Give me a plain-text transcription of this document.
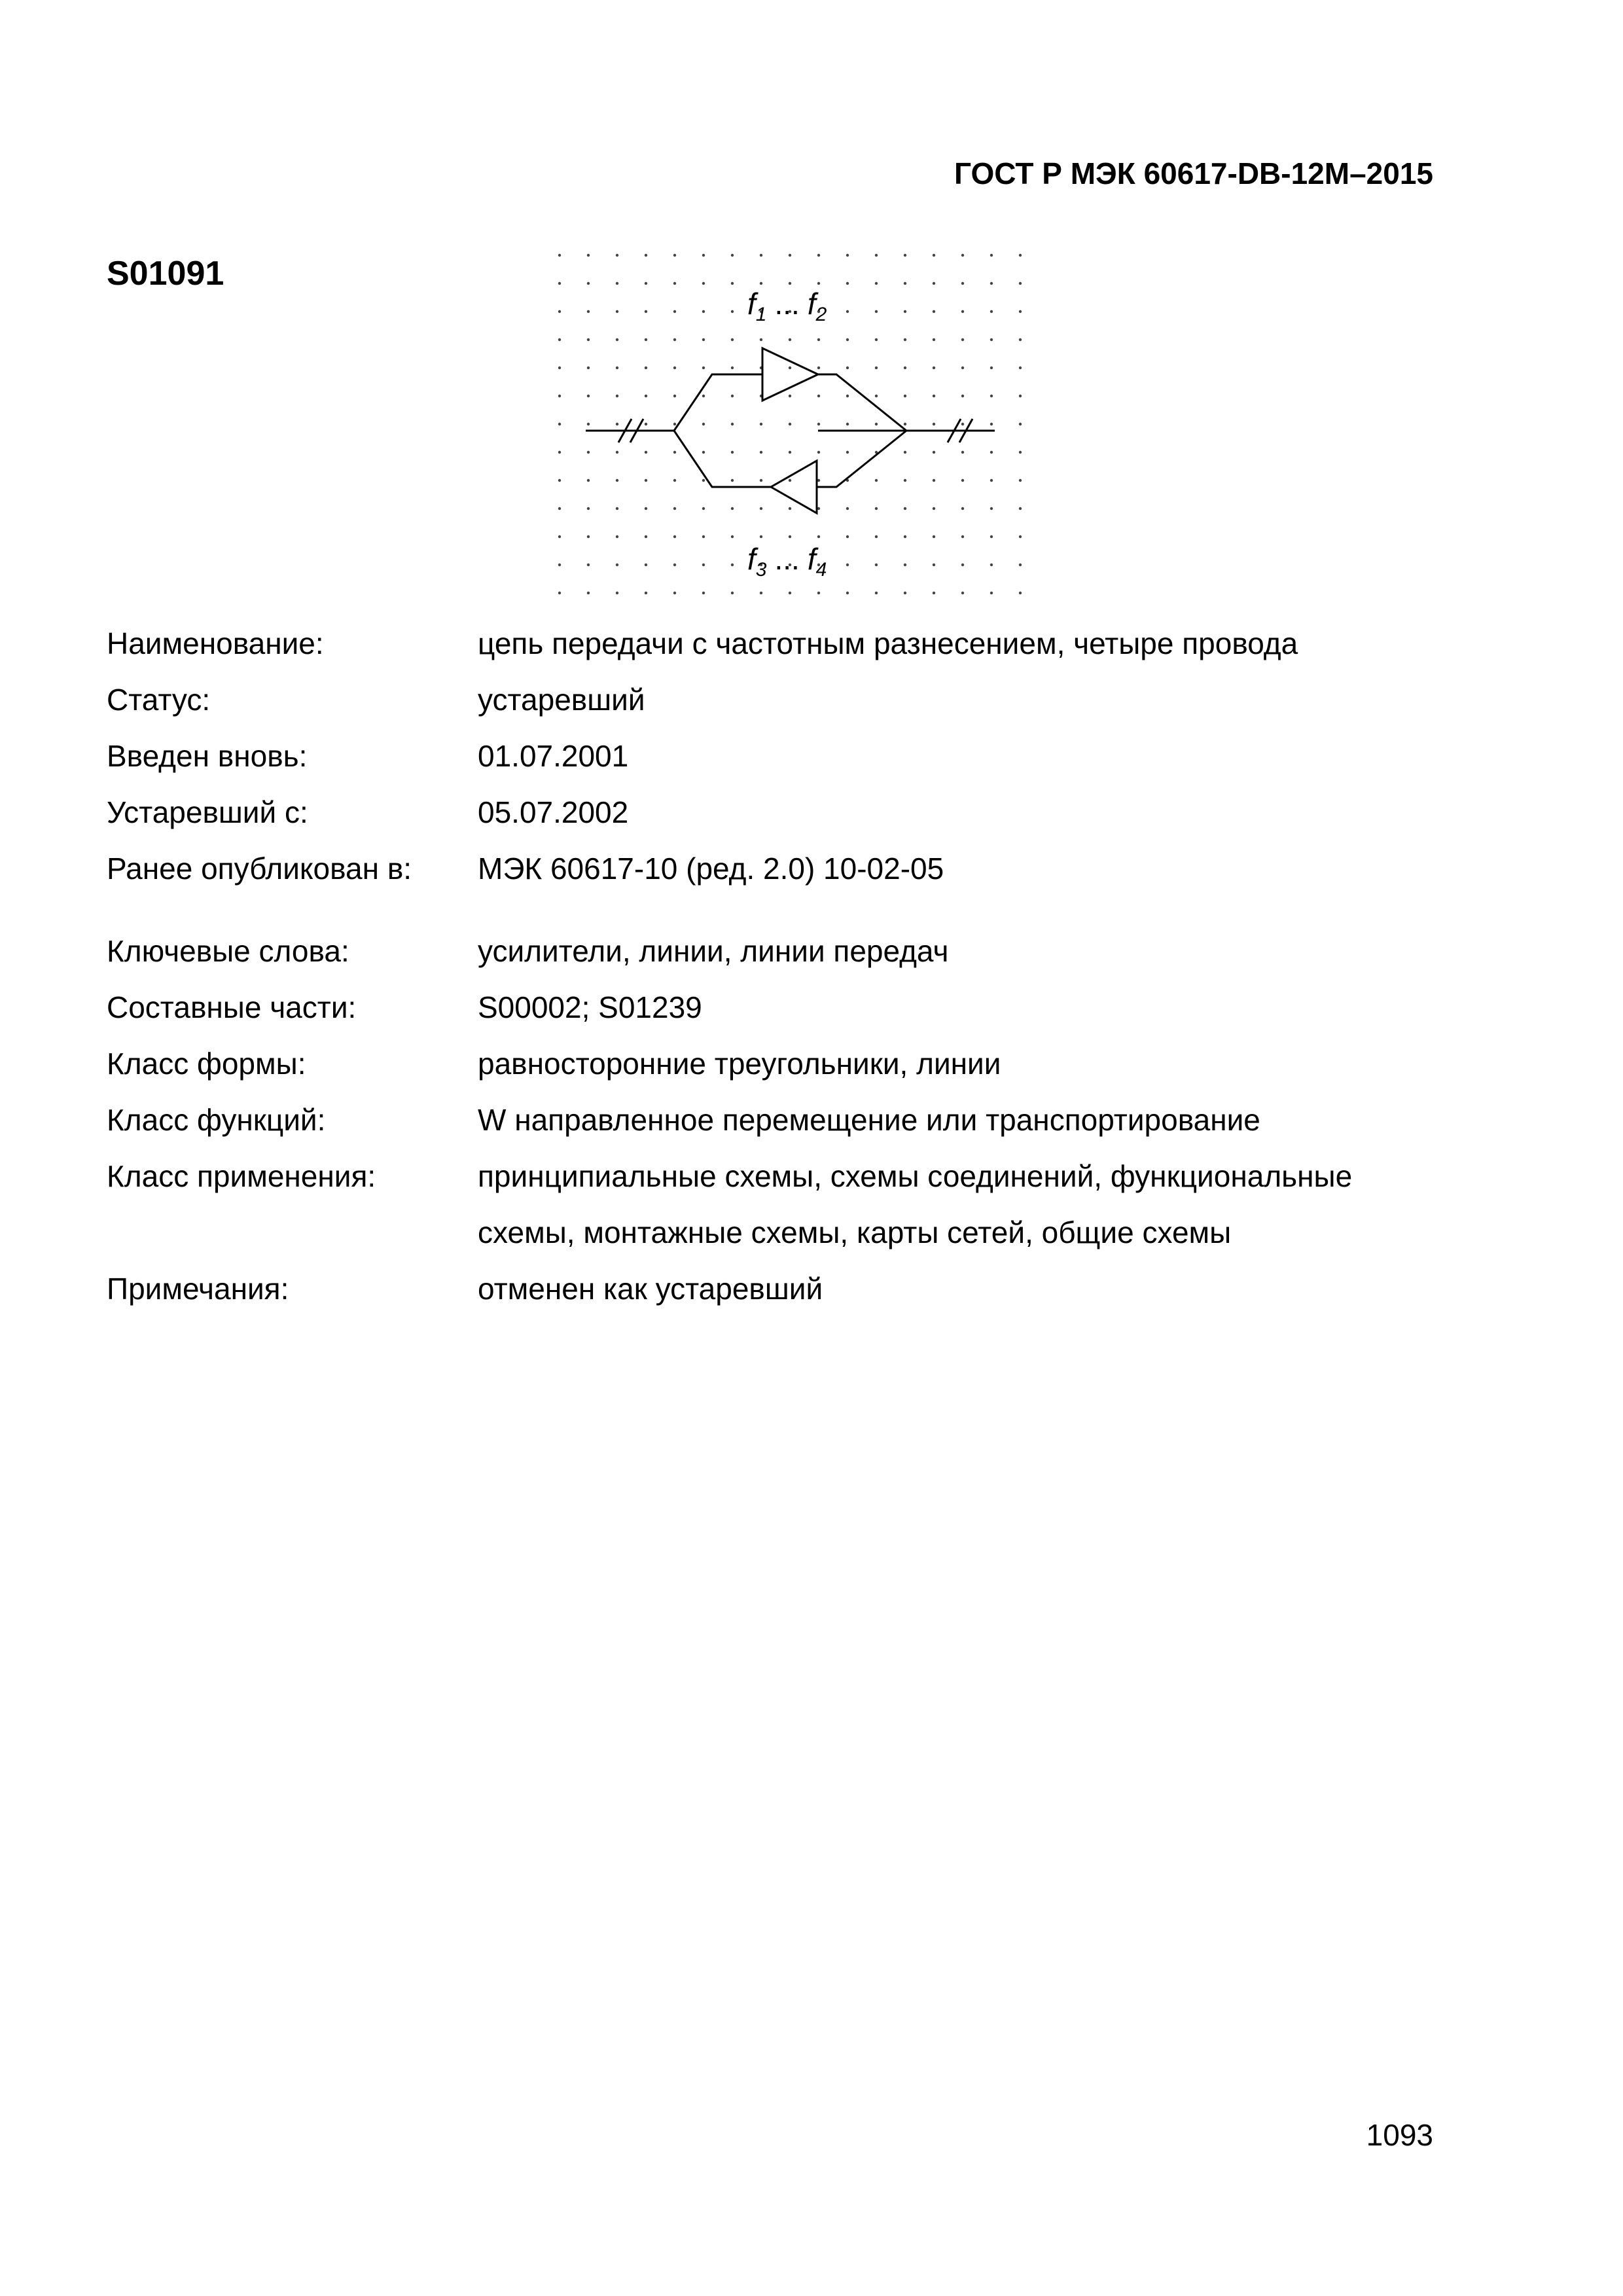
ГОСТ Р МЭК 60617-DB-12M–2015
S01091
$f_1$ ... $f_2$
$f_3$ ... $f_4$
Наименование:	цепь передачи с частотным разнесением, четыре провода
Статус:	устаревший
Введен вновь:	01.07.2001
Устаревший с:	05.07.2002
Ранее опубликован в:	МЭК 60617-10 (ред. 2.0) 10-02-05
Ключевые слова:	усилители, линии, линии передач
Составные части:	S00002; S01239
Класс формы:	равносторонние треугольники, линии
Класс функций:	W направленное перемещение или транспортирование
Класс применения:	принципиальные схемы, схемы соединений, функциональные схемы, монтажные схемы, карты сетей, общие схемы
Примечания:	отменен как устаревший
1093
